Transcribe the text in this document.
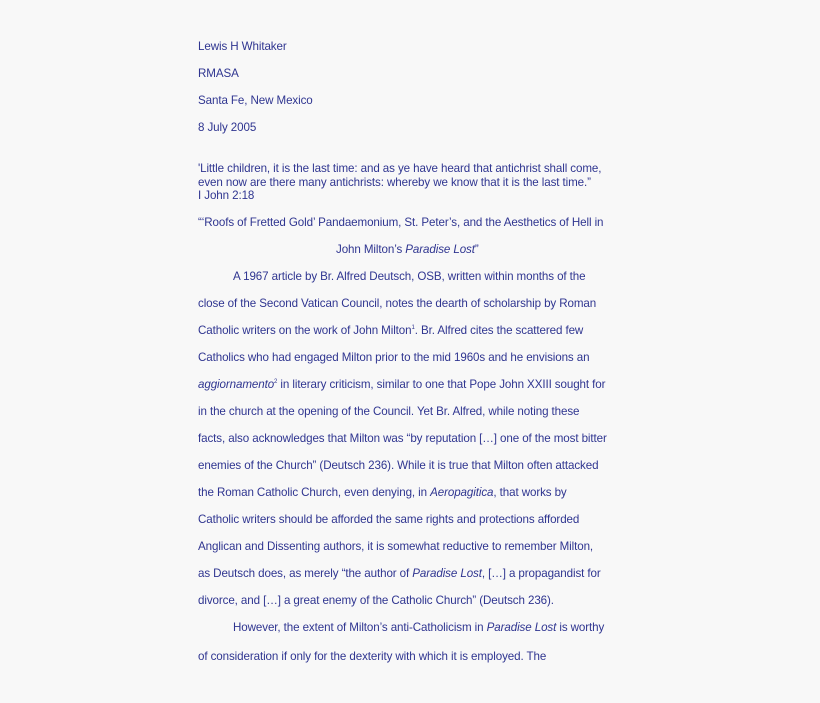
Lewis H Whitaker
RMASA
Santa Fe, New Mexico
8 July 2005
'Little children, it is the last time: and as ye have heard that antichrist shall come,
even now are there many antichrists: whereby we know that it is the last time.”
I John 2:18
“‘Roofs of Fretted Gold’ Pandaemonium, St. Peter’s, and the Aesthetics of Hell in
John Milton’s Paradise Lost”
A 1967 article by Br. Alfred Deutsch, OSB, written within months of the
close of the Second Vatican Council, notes the dearth of scholarship by Roman
Catholic writers on the work of John Milton$^1$. Br. Alfred cites the scattered few
Catholics who had engaged Milton prior to the mid 1960s and he envisions an
aggiornamento$^2$ in literary criticism, similar to one that Pope John XXIII sought for
in the church at the opening of the Council. Yet Br. Alfred, while noting these
facts, also acknowledges that Milton was “by reputation […] one of the most bitter
enemies of the Church” (Deutsch 236). While it is true that Milton often attacked
the Roman Catholic Church, even denying, in Aeropagitica, that works by
Catholic writers should be afforded the same rights and protections afforded
Anglican and Dissenting authors, it is somewhat reductive to remember Milton,
as Deutsch does, as merely “the author of Paradise Lost, […] a propagandist for
divorce, and […] a great enemy of the Catholic Church” (Deutsch 236).
However, the extent of Milton’s anti-Catholicism in Paradise Lost is worthy
of consideration if only for the dexterity with which it is employed. The
